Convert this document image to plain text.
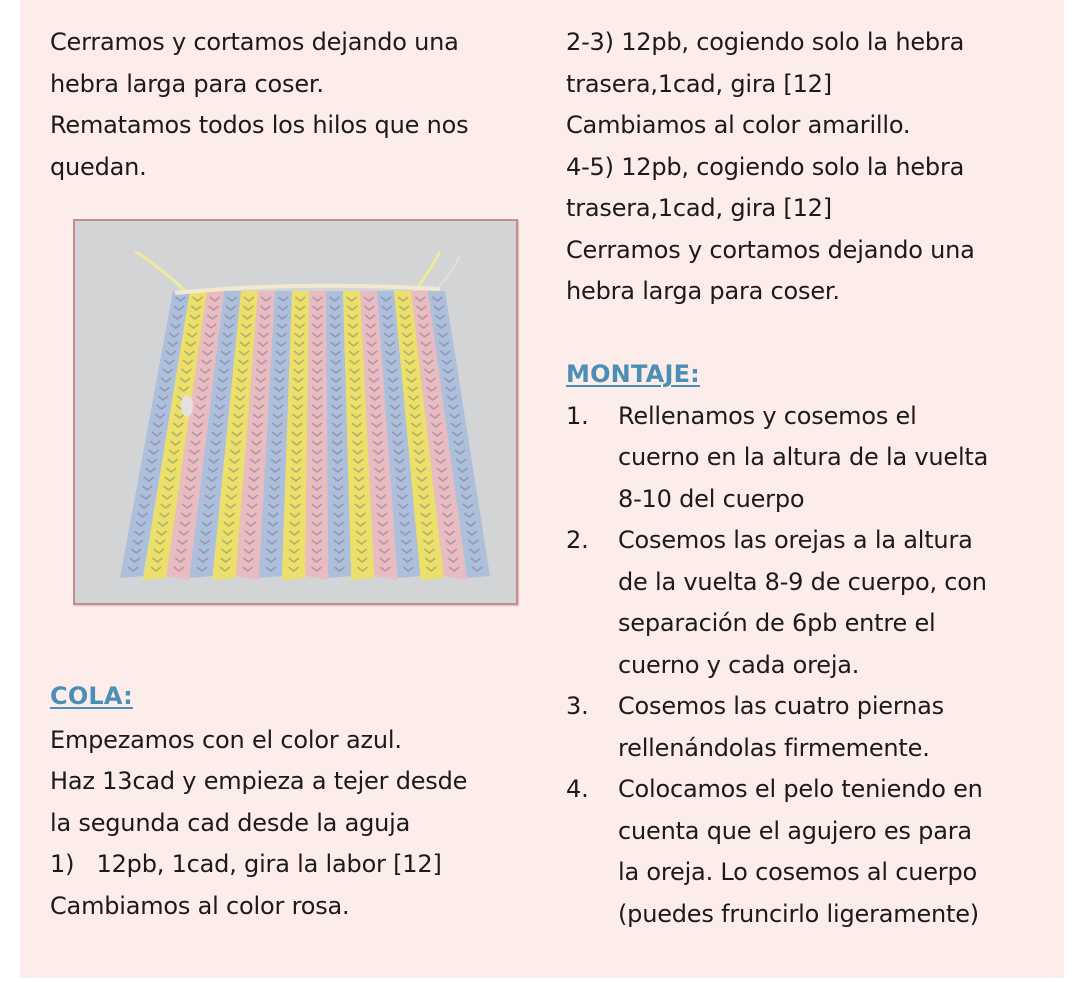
Cerramos y cortamos dejando una
hebra larga para coser.
Rematamos todos los hilos que nos
quedan.
COLA:
Empezamos con el color azul.
Haz 13cad y empieza a tejer desde
la segunda cad desde la aguja
1)   12pb, 1cad, gira la labor [12]
Cambiamos al color rosa.
2-3) 12pb, cogiendo solo la hebra
trasera,1cad, gira [12]
Cambiamos al color amarillo.
4-5) 12pb, cogiendo solo la hebra
trasera,1cad, gira [12]
Cerramos y cortamos dejando una
hebra larga para coser.
MONTAJE:
1. Rellenamos y cosemos el
cuerno en la altura de la vuelta
8-10 del cuerpo
2. Cosemos las orejas a la altura
de la vuelta 8-9 de cuerpo, con
separación de 6pb entre el
cuerno y cada oreja.
3. Cosemos las cuatro piernas
rellenándolas firmemente.
4. Colocamos el pelo teniendo en
cuenta que el agujero es para
la oreja. Lo cosemos al cuerpo
(puedes fruncirlo ligeramente)
